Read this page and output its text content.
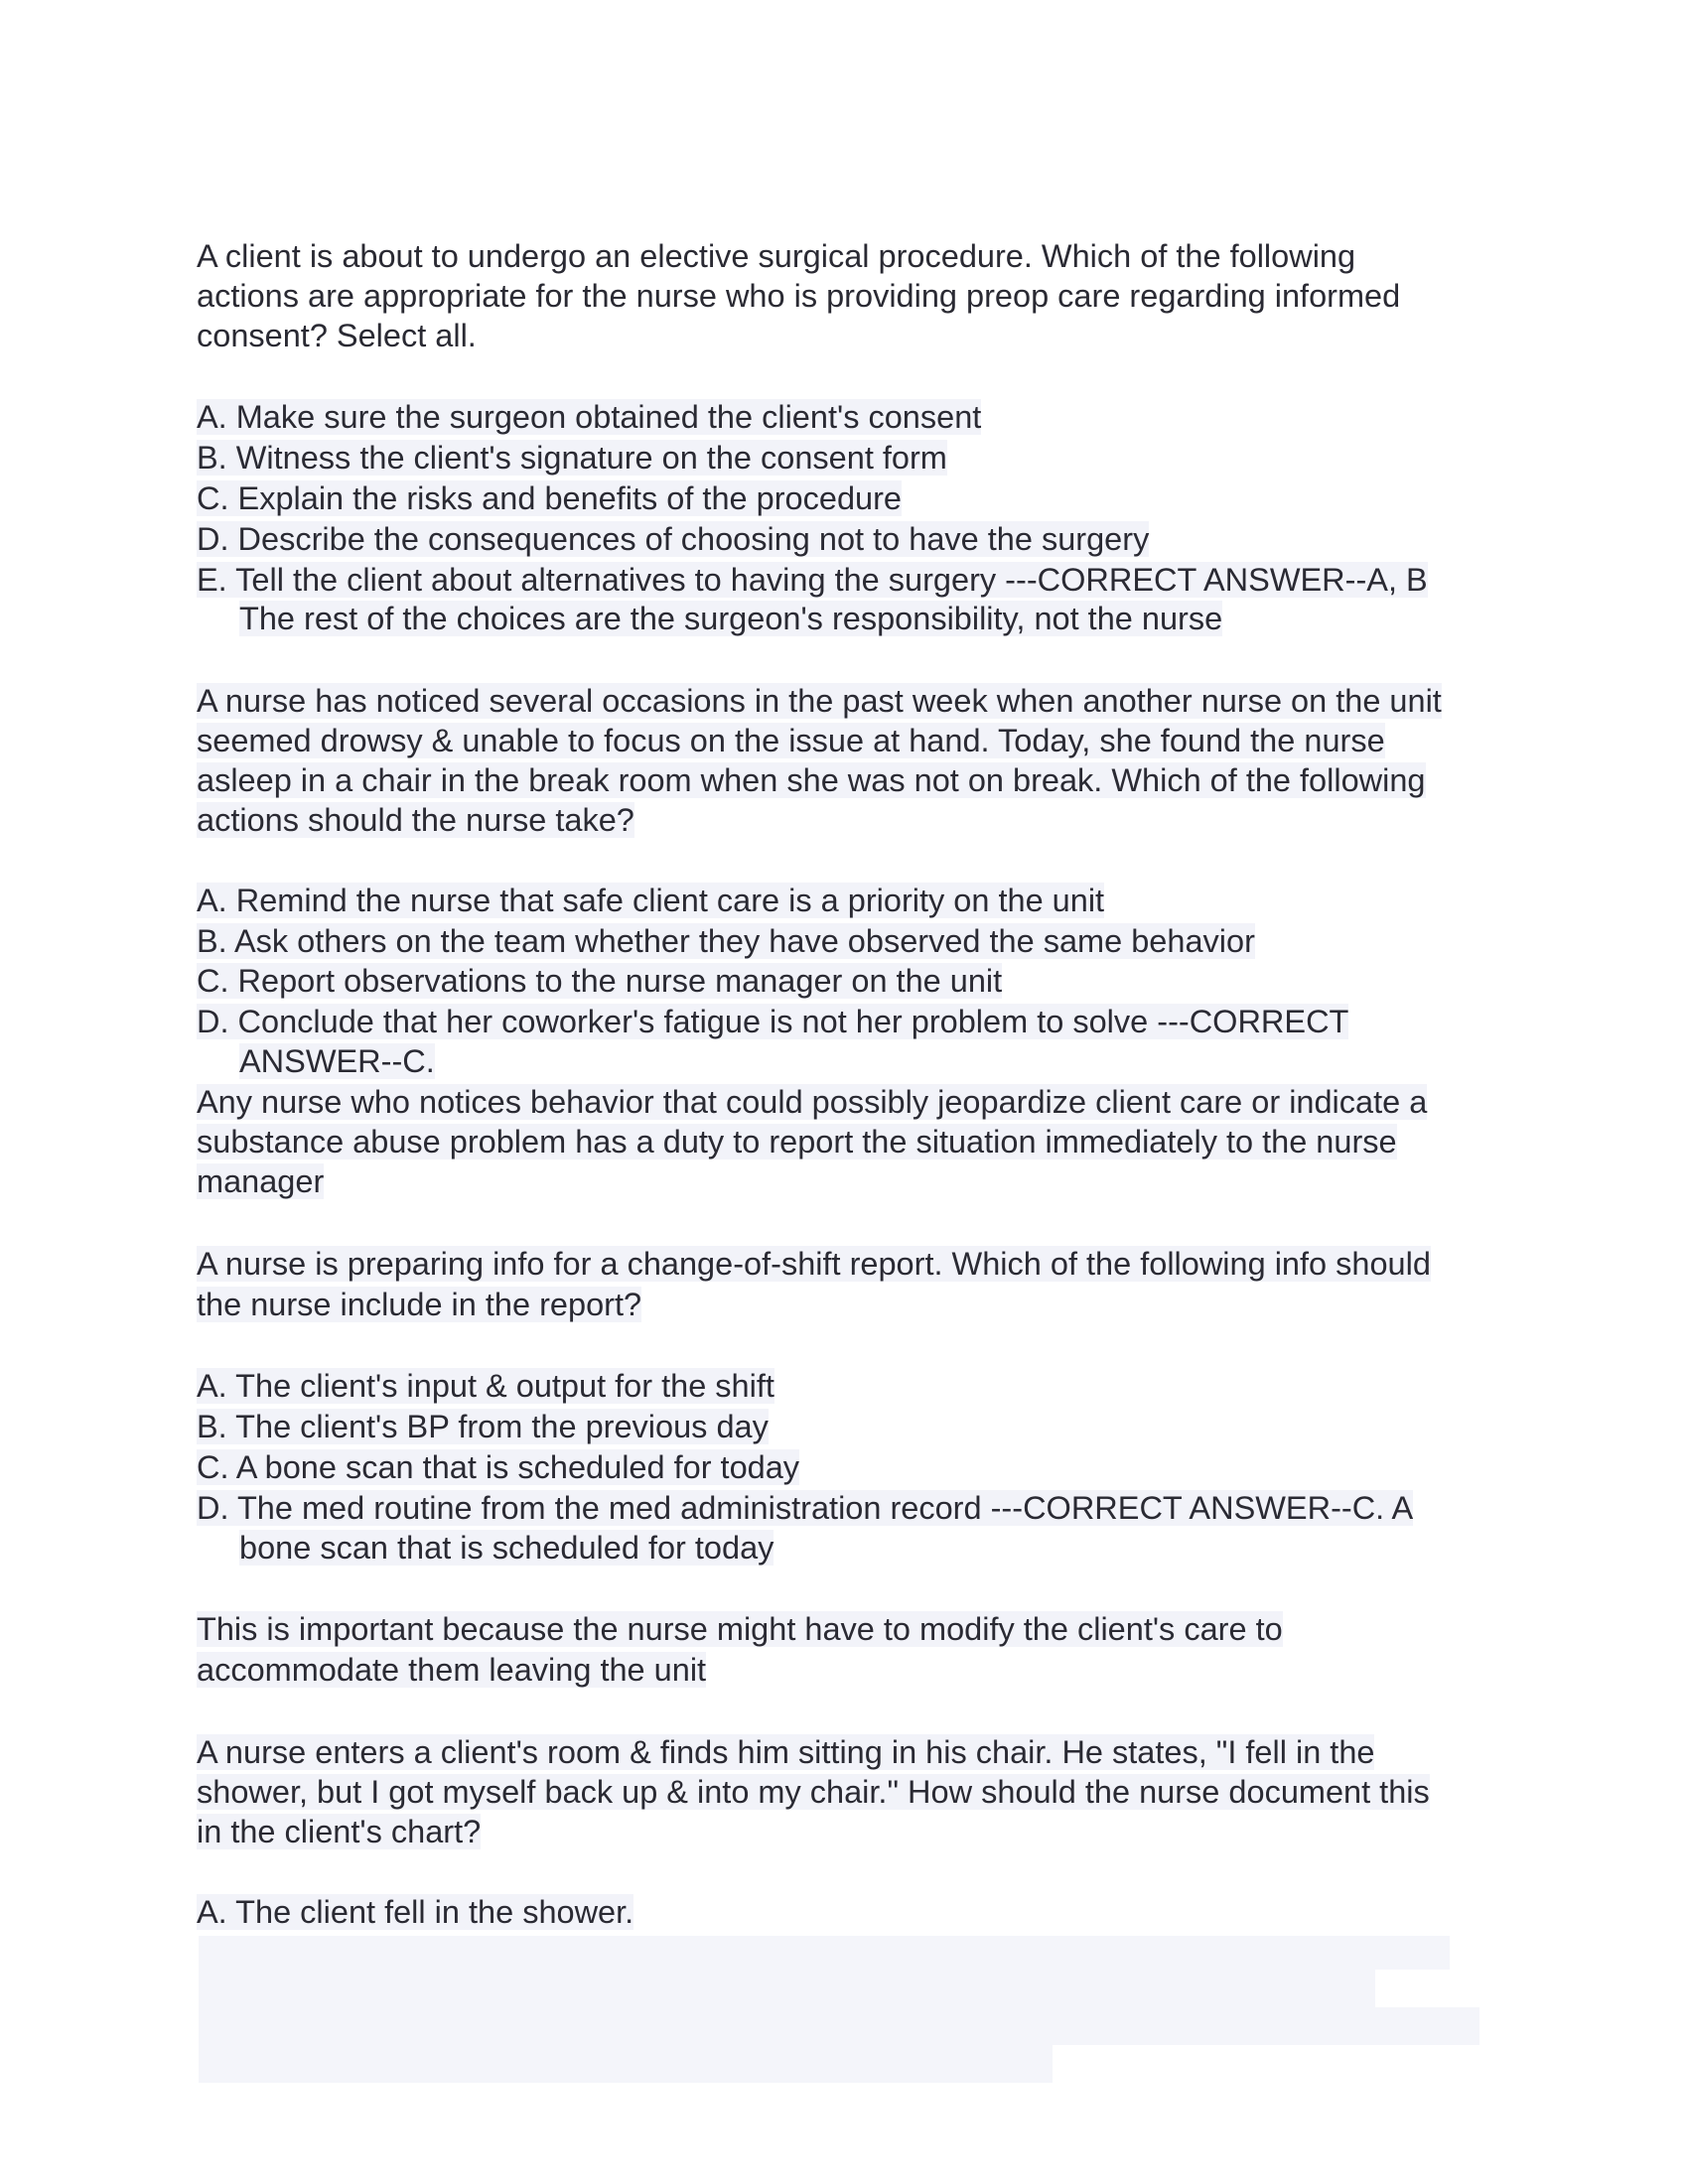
A client is about to undergo an elective surgical procedure. Which of the following
actions are appropriate for the nurse who is providing preop care regarding informed
consent? Select all.
A. Make sure the surgeon obtained the client's consent
B. Witness the client's signature on the consent form
C. Explain the risks and benefits of the procedure
D. Describe the consequences of choosing not to have the surgery
E. Tell the client about alternatives to having the surgery ---CORRECT ANSWER--A, B
The rest of the choices are the surgeon's responsibility, not the nurse
A nurse has noticed several occasions in the past week when another nurse on the unit
seemed drowsy & unable to focus on the issue at hand. Today, she found the nurse
asleep in a chair in the break room when she was not on break. Which of the following
actions should the nurse take?
A. Remind the nurse that safe client care is a priority on the unit
B. Ask others on the team whether they have observed the same behavior
C. Report observations to the nurse manager on the unit
D. Conclude that her coworker's fatigue is not her problem to solve ---CORRECT
ANSWER--C.
Any nurse who notices behavior that could possibly jeopardize client care or indicate a
substance abuse problem has a duty to report the situation immediately to the nurse
manager
A nurse is preparing info for a change-of-shift report. Which of the following info should
the nurse include in the report?
A. The client's input & output for the shift
B. The client's BP from the previous day
C. A bone scan that is scheduled for today
D. The med routine from the med administration record ---CORRECT ANSWER--C. A
bone scan that is scheduled for today
This is important because the nurse might have to modify the client's care to
accommodate them leaving the unit
A nurse enters a client's room & finds him sitting in his chair. He states, "I fell in the
shower, but I got myself back up & into my chair." How should the nurse document this
in the client's chart?
A. The client fell in the shower.
